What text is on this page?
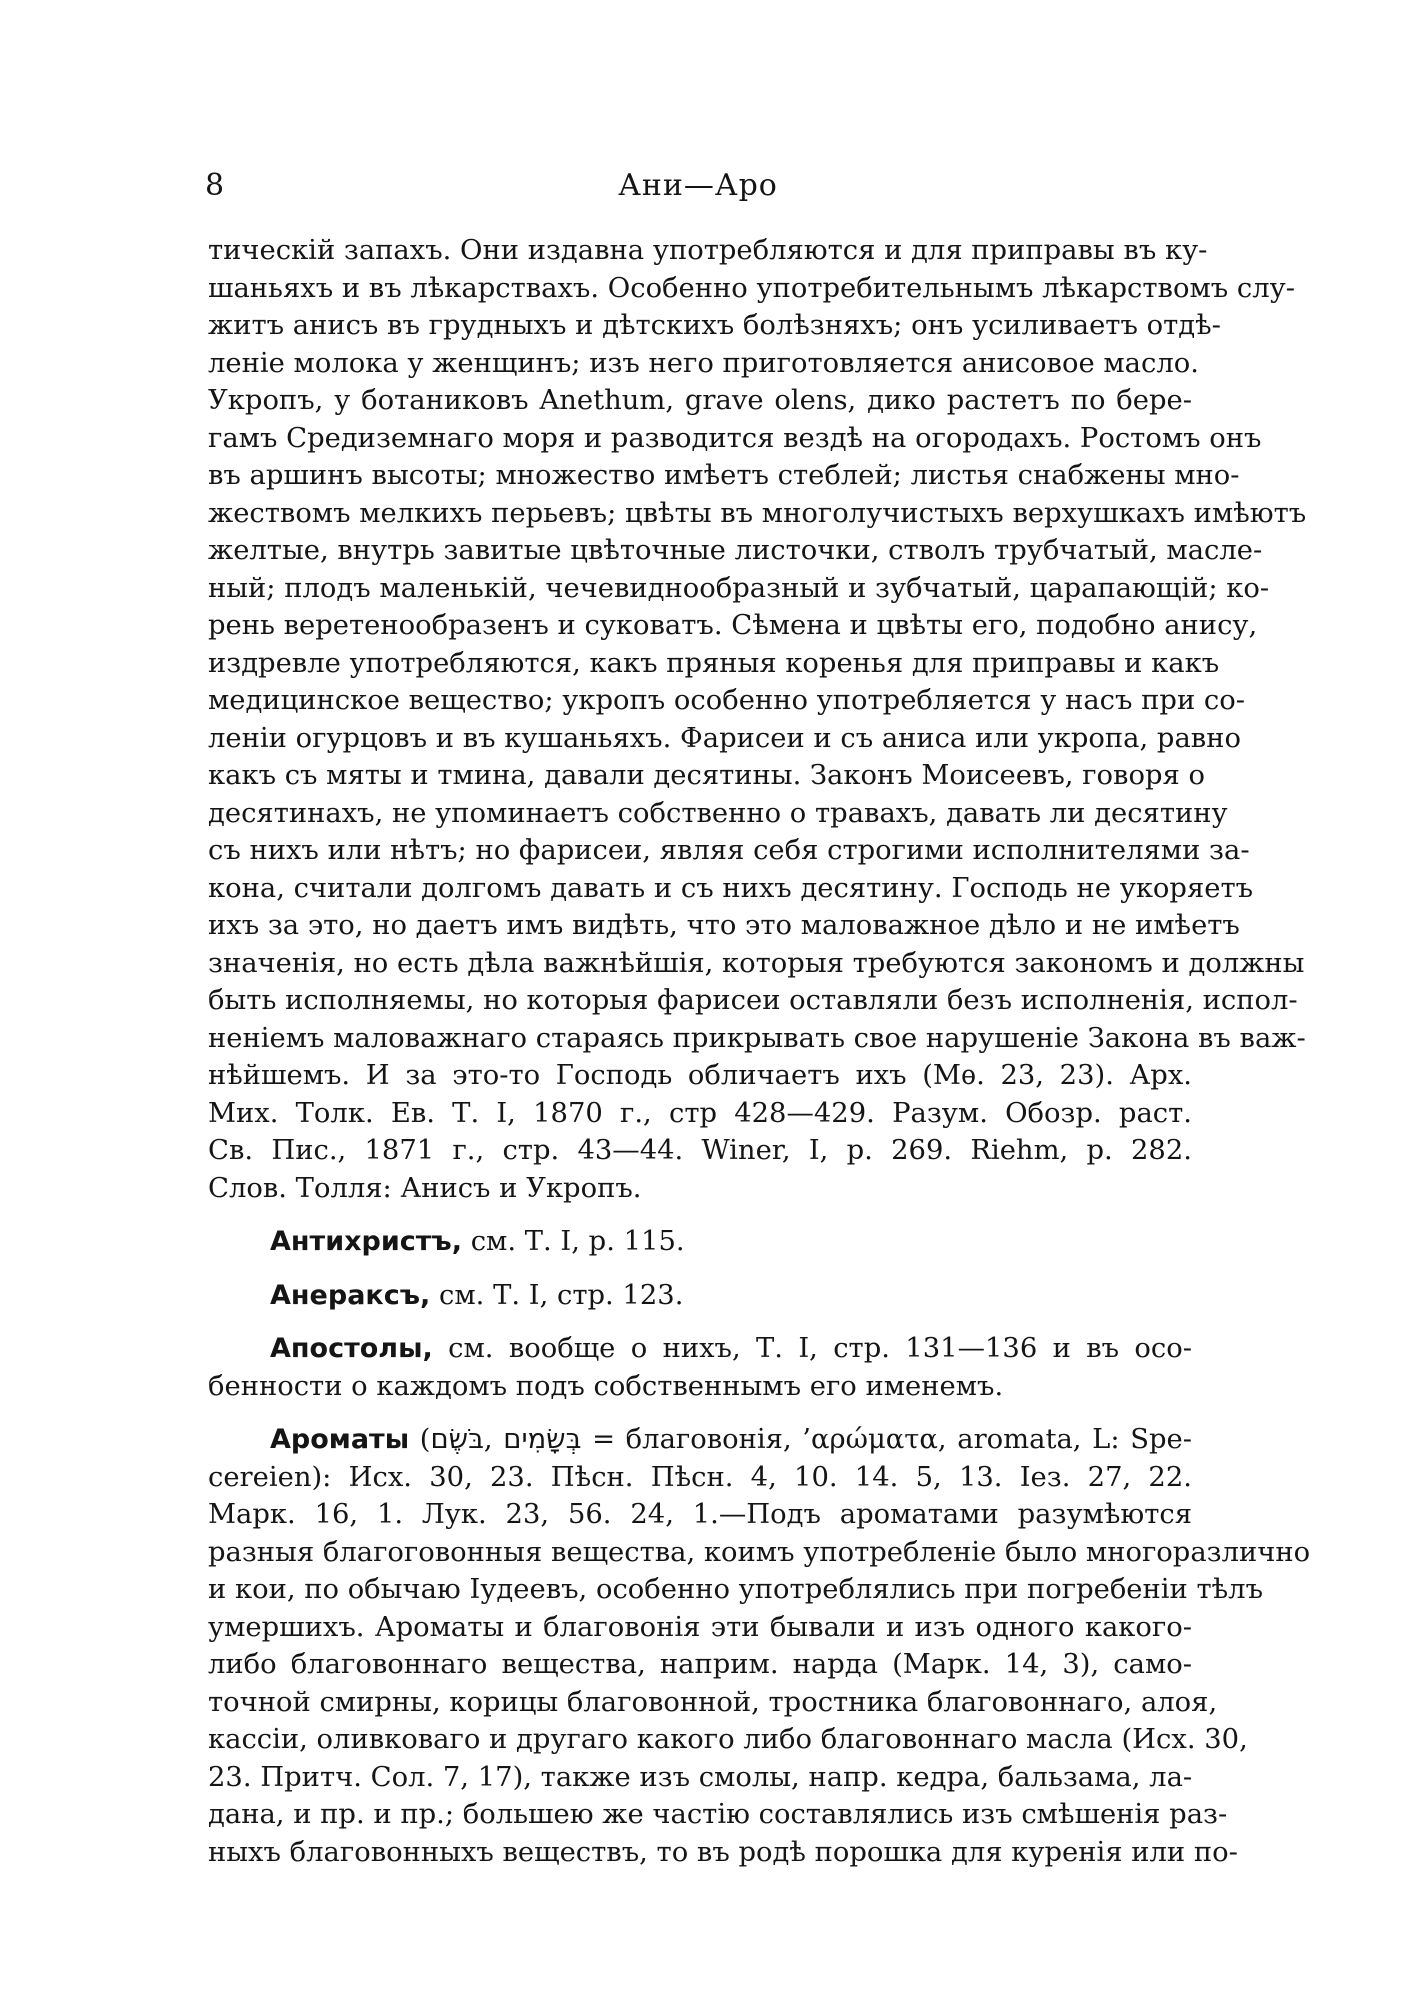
8	Ани—Аро
тическій запахъ. Они издавна употребляются и для приправы въ ку-
шаньяхъ и въ лѣкарствахъ. Особенно употребительнымъ лѣкарствомъ слу-
житъ анисъ въ грудныхъ и дѣтскихъ болѣзняхъ; онъ усиливаетъ отдѣ-
леніе молока у женщинъ; изъ него приготовляется анисовое масло.
Укропъ, у ботаниковъ Anethum, grave olens, дико растетъ по бере-
гамъ Средиземнаго моря и разводится вездѣ на огородахъ. Ростомъ онъ
въ аршинъ высоты; множество имѣетъ стеблей; листья снабжены мно-
жествомъ мелкихъ перьевъ; цвѣты въ многолучистыхъ верхушкахъ имѣютъ
желтые, внутрь завитые цвѣточные листочки, стволъ трубчатый, масле-
ный; плодъ маленькій, чечевиднообразный и зубчатый, царапающій; ко-
рень веретенообразенъ и суковатъ. Сѣмена и цвѣты его, подобно анису,
издревле употребляются, какъ пряныя коренья для приправы и какъ
медицинское вещество; укропъ особенно употребляется у насъ при со-
леніи огурцовъ и въ кушаньяхъ. Фарисеи и съ аниса или укропа, равно
какъ съ мяты и тмина, давали десятины. Законъ Моисеевъ, говоря о
десятинахъ, не упоминаетъ собственно о травахъ, давать ли десятину
съ нихъ или нѣтъ; но фарисеи, являя себя строгими исполнителями за-
кона, считали долгомъ давать и съ нихъ десятину. Господь не укоряетъ
ихъ за это, но даетъ имъ видѣть, что это маловажное дѣло и не имѣетъ
значенія, но есть дѣла важнѣйшія, которыя требуются закономъ и должны
быть исполняемы, но которыя фарисеи оставляли безъ исполненія, испол-
неніемъ маловажнаго стараясь прикрывать свое нарушеніе Закона въ важ-
нѣйшемъ. И за это-то Господь обличаетъ ихъ (Мѳ. 23, 23). Арх.
Мих. Толк. Ев. Т. I, 1870 г., стр 428—429. Разум. Обозр. раст.
Св. Пис., 1871 г., стр. 43—44. Winer, I, p. 269. Riehm, p. 282.
Слов. Толля: Анисъ и Укропъ.
Антихристъ, см. Т. I, р. 115.
Анераксъ, см. Т. I, стр. 123.
Апостолы, см. вообще о нихъ, Т. I, стр. 131—136 и въ осо-
бенности о каждомъ подъ собственнымъ его именемъ.
Ароматы (בֹּשֶׂם, בְּשָׂמִים = благовонія, ’αρώματα, aromata, L: Spe-
cereien): Исх. 30, 23. Пѣсн. Пѣсн. 4, 10. 14. 5, 13. Іез. 27, 22.
Марк. 16, 1. Лук. 23, 56. 24, 1.—Подъ ароматами разумѣются
разныя благоговонныя вещества, коимъ употребленіе было многоразлично
и кои, по обычаю Іудеевъ, особенно употреблялись при погребеніи тѣлъ
умершихъ. Ароматы и благовонія эти бывали и изъ одного какого-
либо благовоннаго вещества, наприм. нарда (Марк. 14, 3), само-
точной смирны, корицы благовонной, тростника благовоннаго, алоя,
кассіи, оливковаго и другаго какого либо благовоннаго масла (Исх. 30,
23. Притч. Сол. 7, 17), также изъ смолы, напр. кедра, бальзама, ла-
дана, и пр. и пр.; большею же частію составлялись изъ смѣшенія раз-
ныхъ благовонныхъ веществъ, то въ родѣ порошка для куренія или по-
